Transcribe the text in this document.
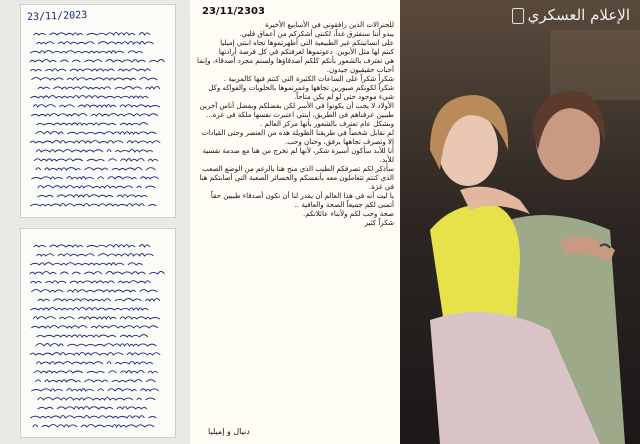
23/11/2023	23/11/2303
للجنرالات الذين رافقوني في الأسابيع الأخيرة
يبدو أننا سنفترق غداً، لكنني أشكركم من أعماق قلبي.
على انسانيتكم غير الطبيعية التي أظهرتموها تجاه ابنتي إميليا
كنتم لها مثل الأبوين. دعوتموها لغرفتكم في كل فرصة أرادتها
هي تعترف بالشعور بأنكم كلكم أصدقاؤها ولستم مجرد أصدقاء، وإنما أحباب حقيقيون جيدون.
شكراً شكراً على الساعات الكثيرة التي كنتم فيها كالمربية .
شكراً لكونكم صبورين تجاهها وغمرتموها بالحلويات والفواكه وكل شيء موجود حتى لو لم يكن متاحاً.
الأولاد لا يجب أن يكونوا في الأسر لكن بفضلكم وبفضل أناس آخرين طيبين عرفناهم في الطريق، ابنتي اعتبرت نفسها ملكة في غزة...
وبشكل عام تعترف بالشعور بأنها مركز العالم .
لم نقابل شخصاً في طريقنا الطويلة هذه من العنصر وحتى القيادات إلا وتصرف تجاهها برفق، وحنان وحب.
أنا للأبد سأكون أسيرة شكر، لأنها لم تخرج من هنا مع صدمة نفسية للأبد.
سأذكر لكم تصرفكم الطيب الذي منح هنا بالرغم من الوضع الصعب الذي كنتم تتعاملون معه بأنفسكم والخسائر الصعبة التي أصابتكم هنا في غزة.
يا ليت أنه في هذا العالم أن يقدر لنا أن نكون أصدقاء طيبين حقاً
أتمنى لكم جميعاً الصحة والعافية ..
صحة وحب لكم ولأبناء عائلاتكم.
شكراً كثير
دنيال و إميليا
الإعلام العسكري
